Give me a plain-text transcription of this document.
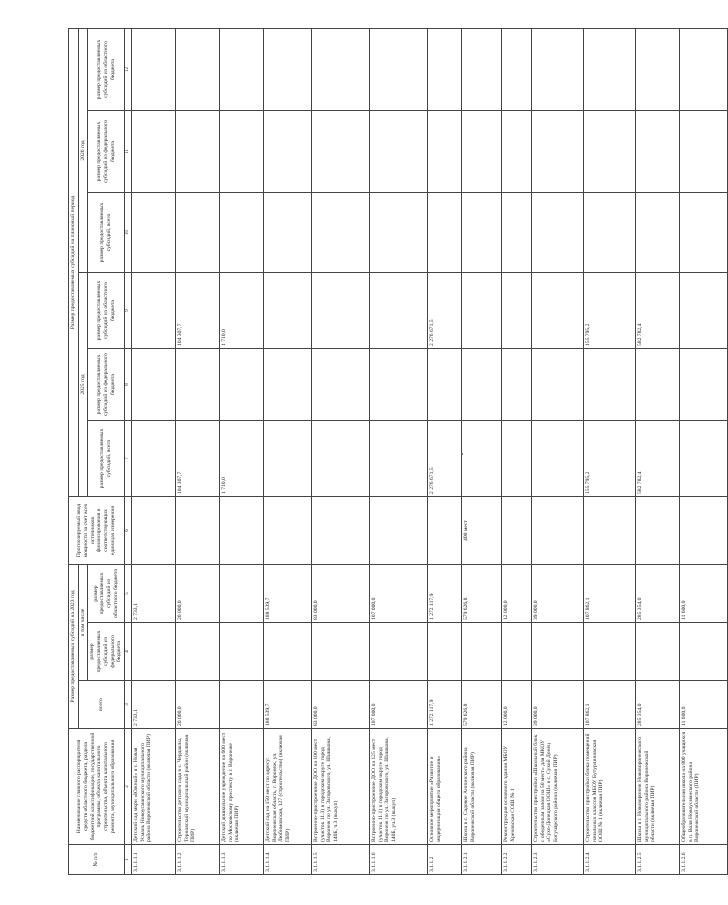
№ п/п	Наименование главного распорядителя средств областного бюджета, раздела бюджетной классификации, государственной программы, объекта капитального строительства, объекта капитального ремонта, муниципального образования	Размер предоставляемых субсидий на 2023 год			Прогнозируемый ввод мощности за счет всех источников финансирования в соответствующих единицах измерения	Размер предоставляемых субсидий на плановый период					
		всего	в том числе			2025 год			2026 год		
			размер предоставляемых субсидий из федерального бюджета	размер предоставляемых субсидий из областного бюджета		размер предоставляемых субсидий, всего	размер предоставляемых субсидий из федерального бюджета	размер предоставляемых субсидий из областного бюджета	размер предоставляемых субсидий, всего	размер предоставляемых субсидий из федерального бюджета	размер предоставляемых субсидий из областного бюджета
1	2	3	4	5	6	7	8	9	10	11	12
3.1.1.1.1	Детский сад мкрн «Южный» в с. Новая Усмань Новоусманского муниципального района Воронежской области (включая ПИР)	2 733,1		2 733,1							
3.1.1.1.2	Строительство детского сада в с. Чердаклы, Терновский муниципальный район (включая ПИР)	20 000,0		20 000,0		104 307,7		104 307,7			
3.1.1.1.3	Детский дошкольное учреждение на 600 мест по Московскому проспекту в г. Воронеже (включая ПИР)					1 710,0		1 710,0			
3.1.1.1.4	Детский сад на 150 мест по адресу: Воронежская область, г. Воронеж, ул. Любимовская, 127 (строительство) (включая ПИР)	188 539,7		188 539,7							
3.1.1.1.5	Встроенно-пристроенное ДОО на 100 мест (участок 11.3) в городском округе город Воронеж по ул. Загоровского, ул. Шишкова, 140Б, ч.3 (выкуп)	83 000,0		83 000,0							
3.1.1.1.6	Встроенно-пристроенное ДОО на 125 мест (участок 11.1) в городском округе город Воронеж по ул. Загоровского, ул. Шишкова, 140Б, уч.3 (выкуп)	107 000,0		107 000,0							
3.1.1.2	Основное мероприятие «Развитие и модернизация общего образования»	1 272 117,9		1 272 117,9		2 276 671,5		2 276 671,5			
3.1.1.2.1	Школа в с. Садовое Аннинского района Воронежской области (включая ПИР)	579 626,8		579 626,8	400 мест						
3.1.1.2.2	Реконструкция основного здания МБОУ Хреновская СОШ № 1	12 000,0		12 000,0							
3.1.1.2.3	Строительство пристройки «Школьный блок с обеденным залом на 50 мест» для МКОУ «Сухо-Донецкая ООШ» в с. Сухой Донец Богучарского района (включая ПИР)	39 000,0		39 000,0							
3.1.1.2.4	Строительство пристройки блока помещений начальных классов МБОУ Бутурлиновская ООШ № 1 (включая ПИР)	107 862,1		107 862,1		155 795,2		155 795,2			
3.1.1.2.5	Школа в г. Нововоронеж Нововоронежского муниципального района Воронежской области (включая ПИР)	285 354,0		285 354,0		582 782,4		582 782,4			
3.1.1.2.6	Общеобразовательная школа на 800 учащихся в п. Воля Новоусманского района Воронежской области (ПИР)	11 600,0		11 600,0							
